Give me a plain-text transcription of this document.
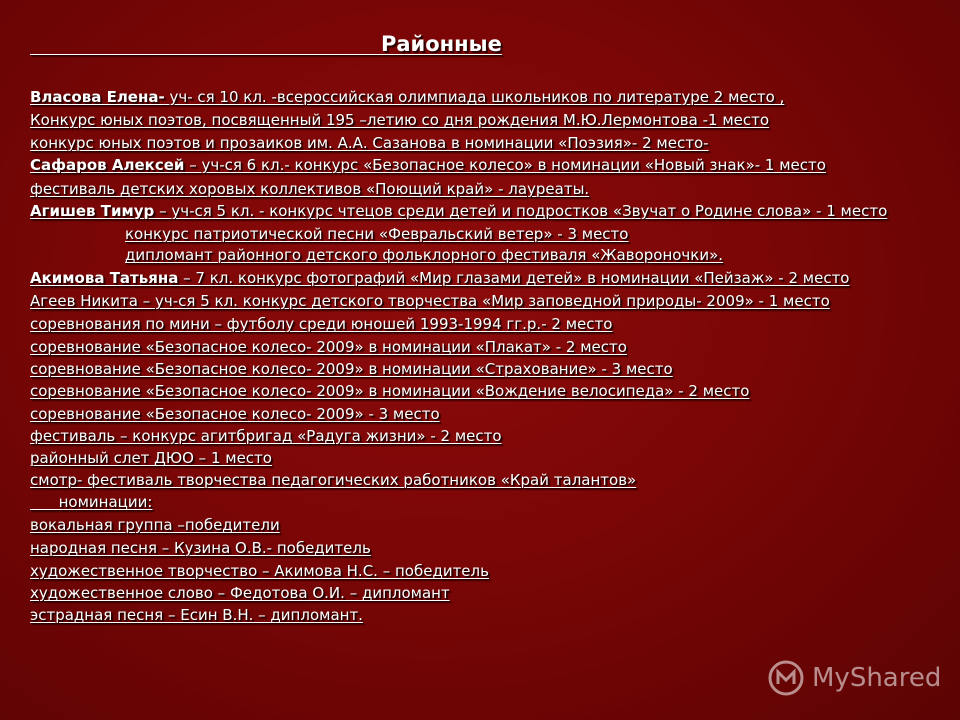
Районные
Власова Елена- уч- ся 10 кл. -всероссийская олимпиада школьников по литературе 2 место ,
Конкурс юных поэтов, посвященный 195 –летию со дня рождения М.Ю.Лермонтова -1 место
конкурс юных поэтов и прозаиков им. А.А. Сазанова в номинации «Поэзия»- 2 место-
Сафаров Алексей – уч-ся 6 кл.- конкурс «Безопасное колесо» в номинации «Новый знак»- 1 место
фестиваль детских хоровых коллективов «Поющий край» - лауреаты.
Агишев Тимур – уч-ся 5 кл. - конкурс чтецов среди детей и подростков «Звучат о Родине слова» - 1 место
конкурс патриотической песни «Февральский ветер» - 3 место
дипломант районного детского фольклорного фестиваля «Жавороночки».
Акимова Татьяна – 7 кл. конкурс фотографий «Мир глазами детей» в номинации «Пейзаж» - 2 место
Агеев Никита – уч-ся 5 кл. конкурс детского творчества «Мир заповедной природы- 2009» - 1 место
соревнования по мини – футболу среди юношей 1993-1994 гг.р.- 2 место
соревнование «Безопасное колесо- 2009» в номинации «Плакат» - 2 место
соревнование «Безопасное колесо- 2009» в номинации «Страхование» - 3 место
соревнование «Безопасное колесо- 2009» в номинации «Вождение велосипеда» - 2 место
соревнование «Безопасное колесо- 2009» - 3 место
фестиваль – конкурс агитбригад «Радуга жизни» - 2 место
районный слет ДЮО – 1 место
смотр- фестиваль творчества педагогических работников «Край талантов»
номинации:
вокальная группа –победители
народная песня – Кузина О.В.- победитель
художественное творчество – Акимова Н.С. – победитель
художественное слово – Федотова О.И. – дипломант
эстрадная песня – Есин В.Н. – дипломант.
MyShared
